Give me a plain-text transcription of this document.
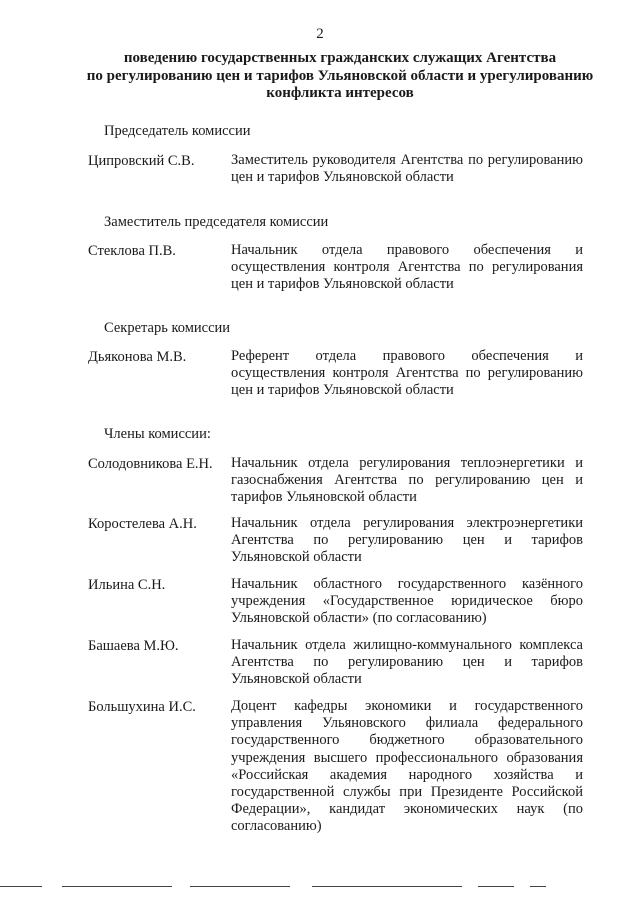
2
поведению государственных гражданских служащих Агентства
по регулированию цен и тарифов Ульяновской области и урегулированию
конфликта интересов
Председатель комиссии
Ципровский С.В.	Заместитель руководителя Агентства по регулированию цен и тарифов Ульяновской области
Заместитель председателя комиссии
Стеклова П.В.	Начальник отдела правового обеспечения и осуществления контроля Агентства по регулирования цен и тарифов Ульяновской области
Секретарь комиссии
Дьяконова М.В.	Референт отдела правового обеспечения и осуществления контроля Агентства по регулированию цен и тарифов Ульяновской области
Члены комиссии:
Солодовникова Е.Н.	Начальник отдела регулирования теплоэнергетики и газоснабжения Агентства по регулированию цен и тарифов Ульяновской области
Коростелева А.Н.	Начальник отдела регулирования электроэнергетики Агентства по регулированию цен и тарифов Ульяновской области
Ильина С.Н.	Начальник областного государственного казённого учреждения «Государственное юридическое бюро Ульяновской области» (по согласованию)
Башаева М.Ю.	Начальник отдела жилищно-коммунального комплекса Агентства по регулированию цен и тарифов Ульяновской области
Большухина И.С.	Доцент кафедры экономики и государственного управления Ульяновского филиала федерального государственного бюджетного образовательного учреждения высшего профессионального образования «Российская академия народного хозяйства и государственной службы при Президенте Российской Федерации», кандидат экономических наук (по согласованию)
